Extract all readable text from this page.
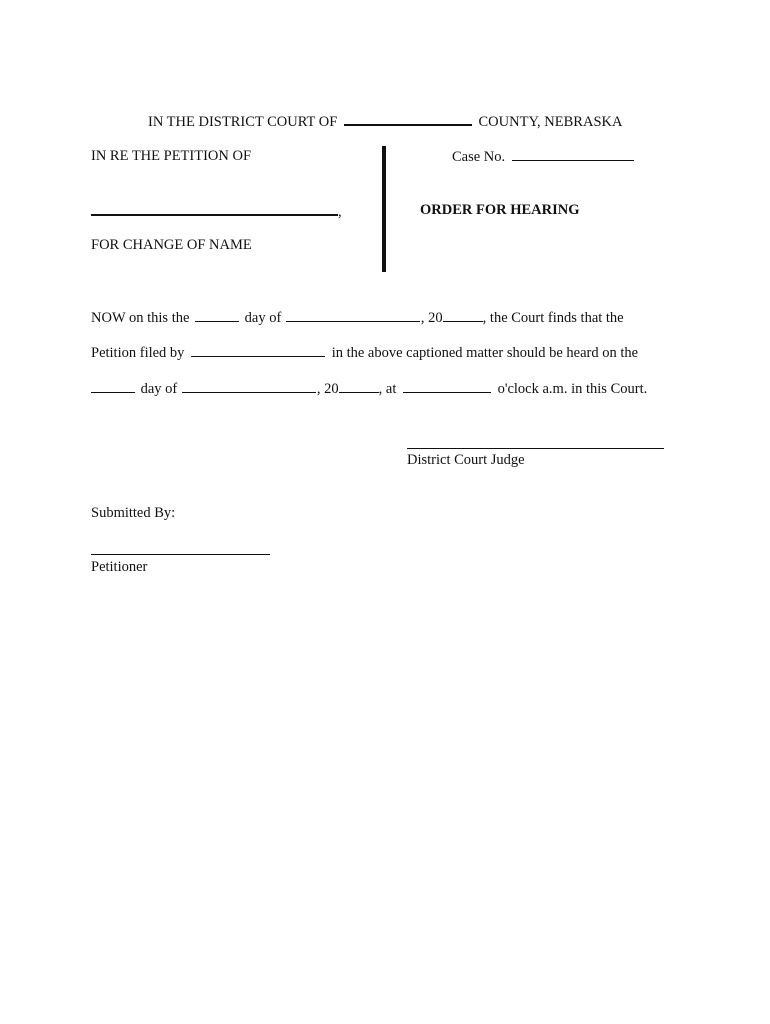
IN THE DISTRICT COURT OF	COUNTY, NEBRASKA
IN RE THE PETITION OF
,
FOR CHANGE OF NAME
Case No.
ORDER FOR HEARING
NOW on this the	day of	, 20	, the Court finds that the
Petition filed by	in the above captioned matter should be heard on the
day of	, 20	, at	o'clock a.m. in this Court.
District Court Judge
Submitted By:
Petitioner
